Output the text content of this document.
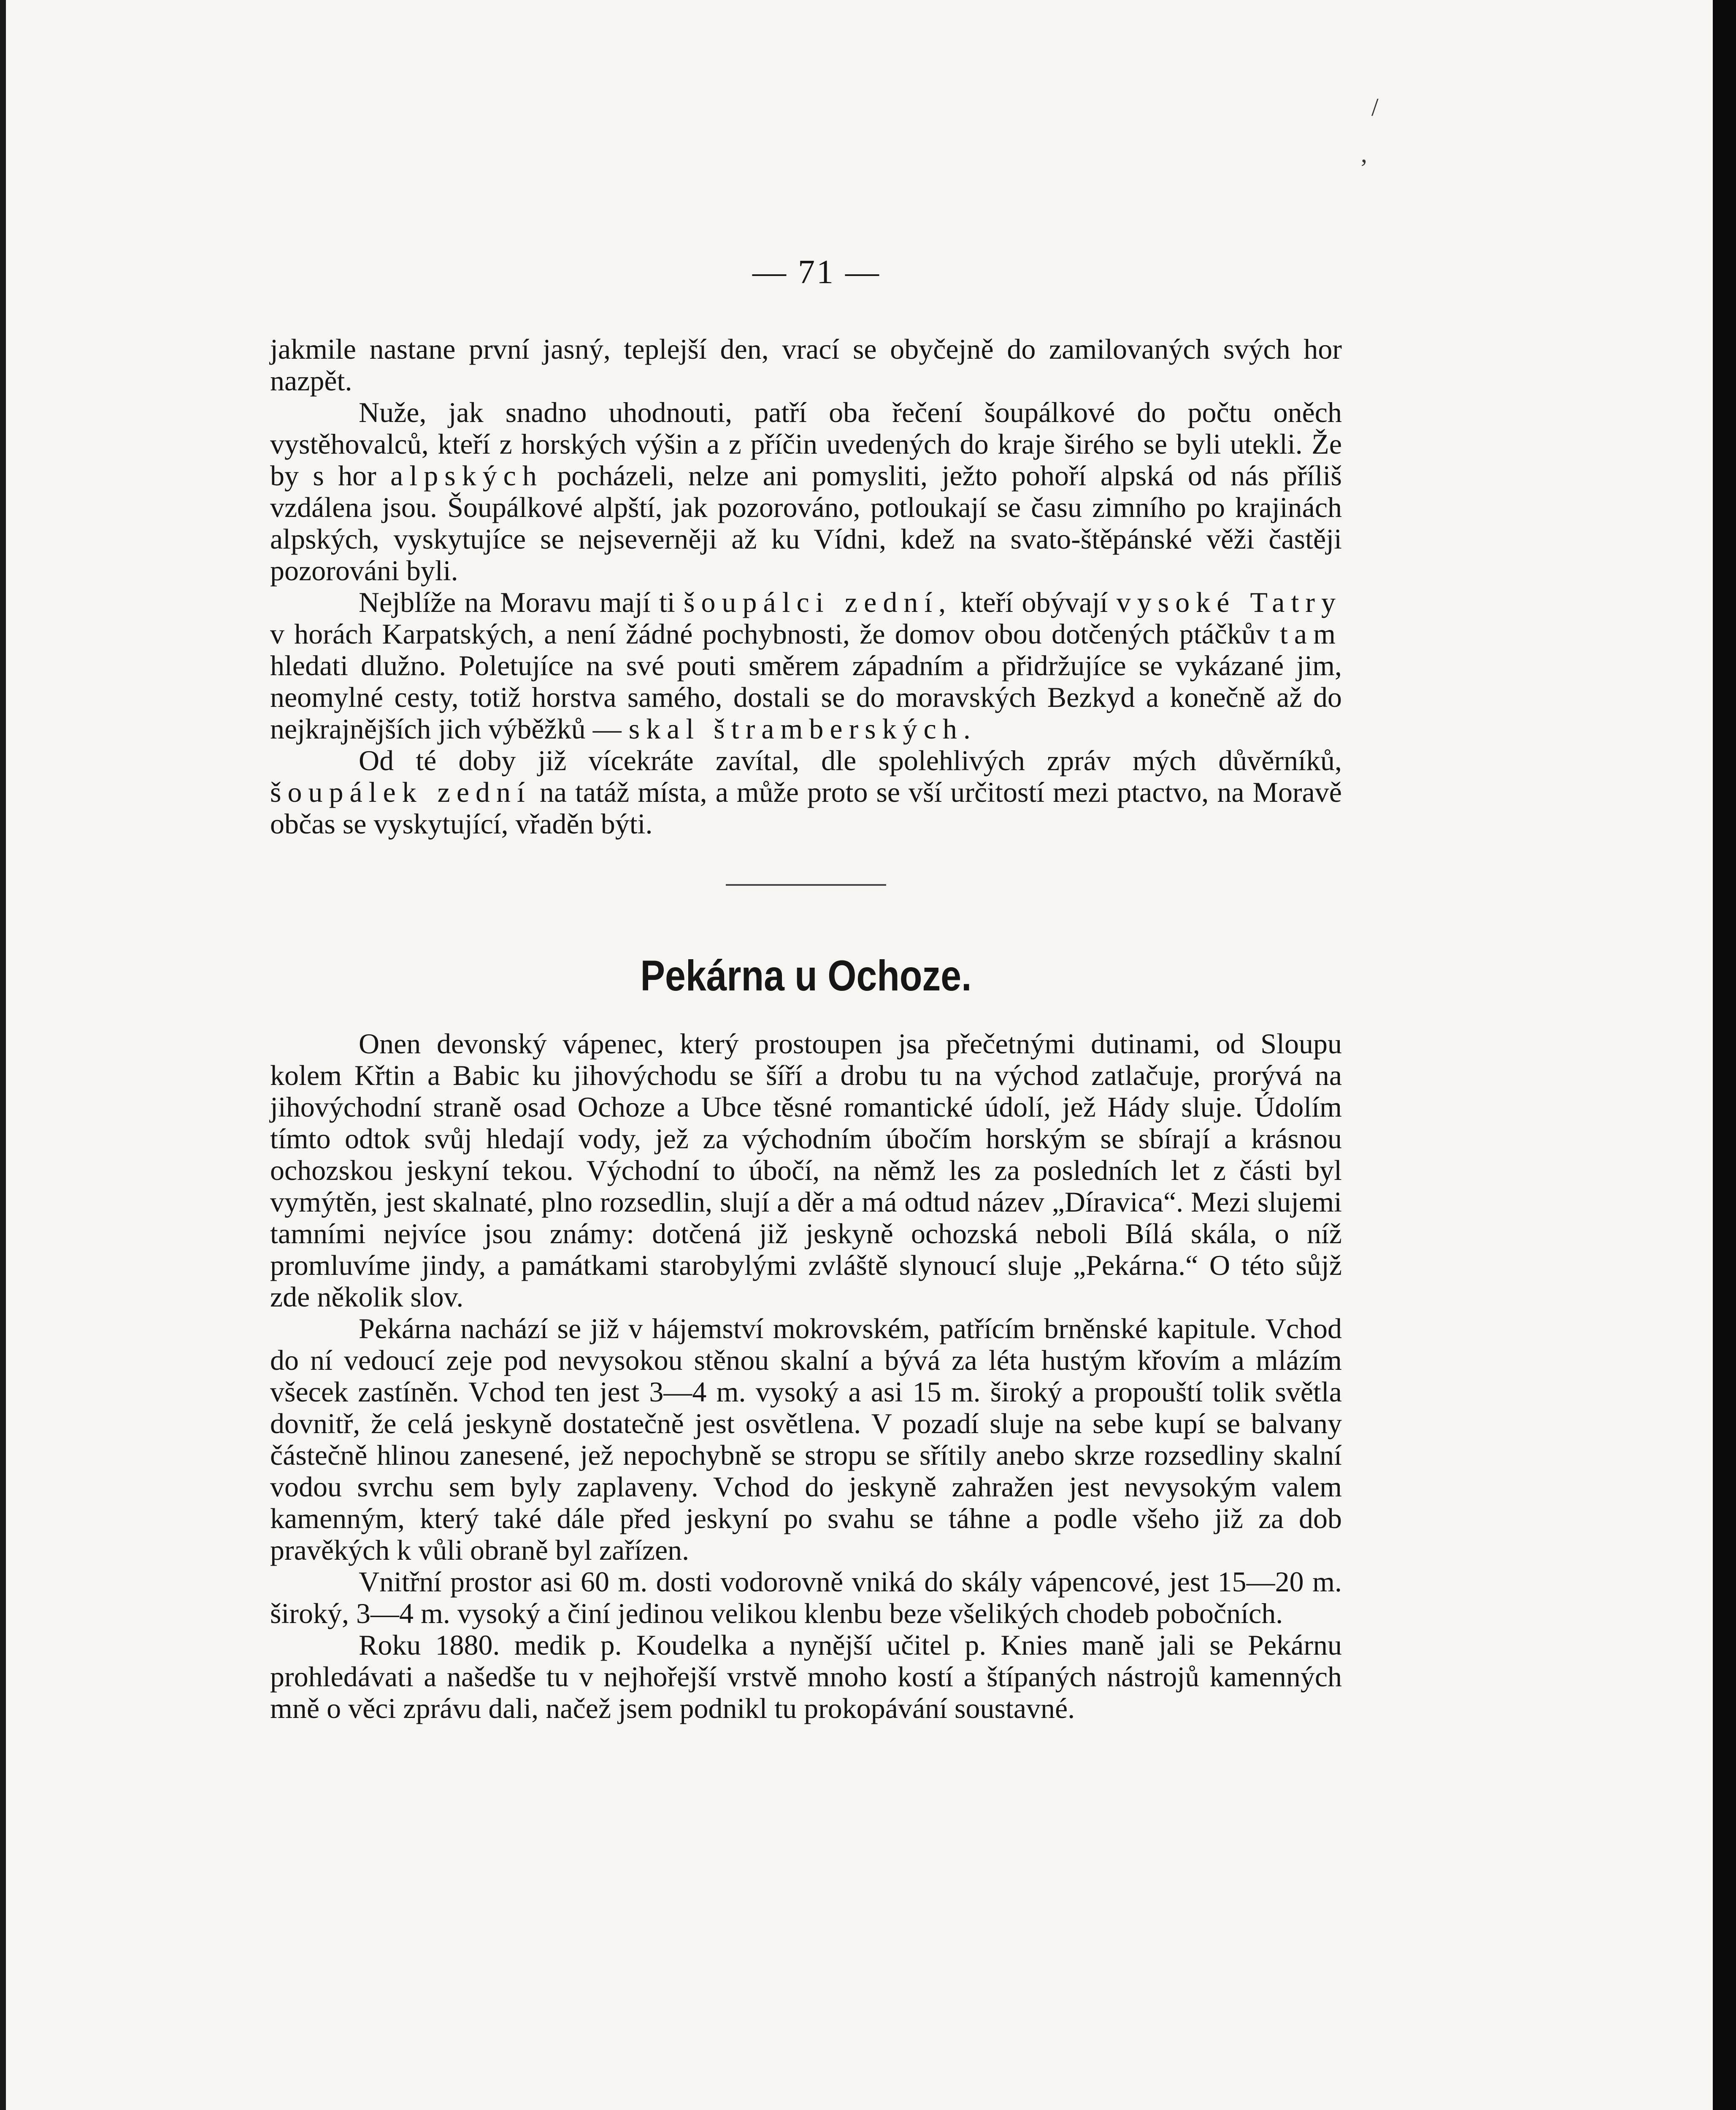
— 71 —

jakmile nastane první jasný, teplejší den, vrací se obyčejně do zamilovaných svých hor nazpět.

Nuže, jak snadno uhodnouti, patří oba řečení šoupálkové do počtu oněch vystěhovalců, kteří z horských výšin a z příčin uvedených do kraje širého se byli utekli. Že by s hor alpských pocházeli, nelze ani pomysliti, ježto pohoří alpská od nás příliš vzdálena jsou. Šoupálkové alpští, jak pozorováno, potloukají se času zimního po krajinách alpských, vyskytujíce se nejseverněji až ku Vídni, kdež na svato-štěpánské věži častěji pozorováni byli.

Nejblíže na Moravu mají ti šoupálci zední, kteří obývají vysoké Tatry v horách Karpatských, a není žádné pochybnosti, že domov obou dotčených ptáčkův tam hledati dlužno. Poletujíce na své pouti směrem západním a přidržujíce se vykázané jim, neomylné cesty, totiž horstva samého, dostali se do moravských Bezkyd a konečně až do nejkrajnějších jich výběžků — skal štramberských.

Od té doby již vícekráte zavítal, dle spolehlivých zpráv mých důvěrníků, šoupálek zední na tatáž místa, a může proto se vší určitostí mezi ptactvo, na Moravě občas se vyskytující, vřaděn býti.

Pekárna u Ochoze.

Onen devonský vápenec, který prostoupen jsa přečetnými dutinami, od Sloupu kolem Křtin a Babic ku jihovýchodu se šíří a drobu tu na východ zatlačuje, prorývá na jihovýchodní straně osad Ochoze a Ubce těsné romantické údolí, jež Hády sluje. Údolím tímto odtok svůj hledají vody, jež za východním úbočím horským se sbírají a krásnou ochozskou jeskyní tekou. Východní to úbočí, na němž les za posledních let z části byl vymýtěn, jest skalnaté, plno rozsedlin, slují a děr a má odtud název „Díravica“. Mezi slujemi tamními nejvíce jsou známy: dotčená již jeskyně ochozská neboli Bílá skála, o níž promluvíme jindy, a památkami starobylými zvláště slynoucí sluje „Pekárna.“ O této sůjž zde několik slov.

Pekárna nachází se již v hájemství mokrovském, patřícím brněnské kapitule. Vchod do ní vedoucí zeje pod nevysokou stěnou skalní a bývá za léta hustým křovím a mlázím všecek zastíněn. Vchod ten jest 3—4 m. vysoký a asi 15 m. široký a propouští tolik světla dovnitř, že celá jeskyně dostatečně jest osvětlena. V pozadí sluje na sebe kupí se balvany částečně hlinou zanesené, jež nepochybně se stropu se sřítily anebo skrze rozsedliny skalní vodou svrchu sem byly zaplaveny. Vchod do jeskyně zahražen jest nevysokým valem kamenným, který také dále před jeskyní po svahu se táhne a podle všeho již za dob pravěkých k vůli obraně byl zařízen.

Vnitřní prostor asi 60 m. dosti vodorovně vniká do skály vápencové, jest 15—20 m. široký, 3—4 m. vysoký a činí jedinou velikou klenbu beze všelikých chodeb pobočních.

Roku 1880. medik p. Koudelka a nynější učitel p. Knies maně jali se Pekárnu prohledávati a našedše tu v nejhořejší vrstvě mnoho kostí a štípaných nástrojů kamenných mně o věci zprávu dali, načež jsem podnikl tu prokopávání soustavné.

/
,
